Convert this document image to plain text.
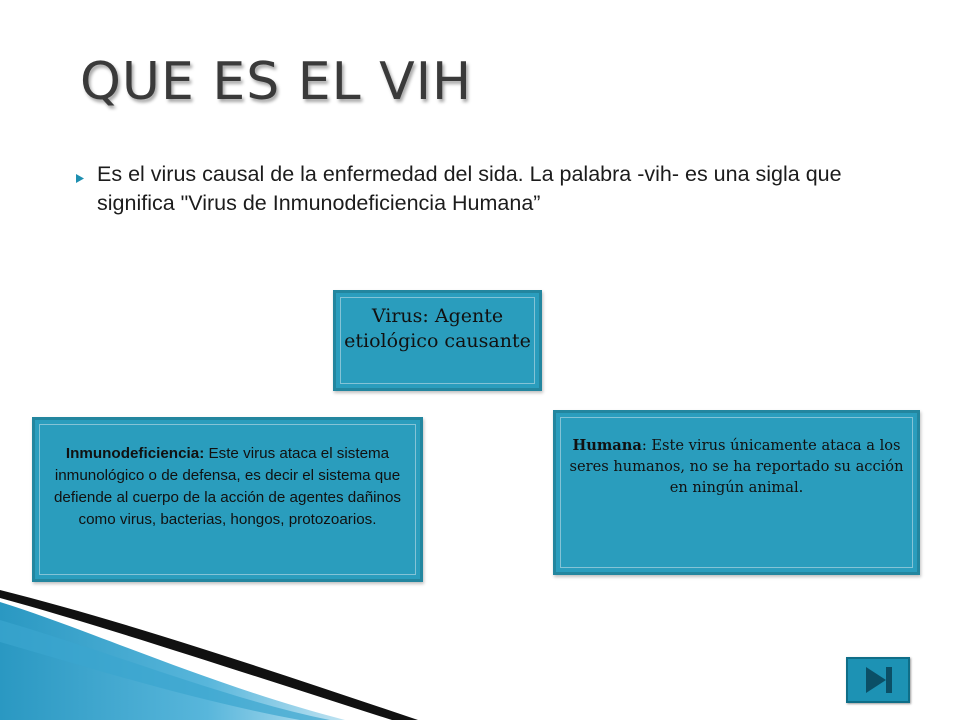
QUE ES EL VIH
Es el virus causal de la enfermedad del sida. La palabra -vih- es una sigla que significa "Virus de Inmunodeficiencia Humana”
Virus: Agente etiológico causante
Inmunodeficiencia: Este virus ataca el sistema inmunológico o de defensa, es decir el sistema que defiende al cuerpo de la acción de agentes dañinos como virus, bacterias, hongos, protozoarios.
Humana: Este virus únicamente ataca a los seres humanos, no se ha reportado su acción en ningún animal.
